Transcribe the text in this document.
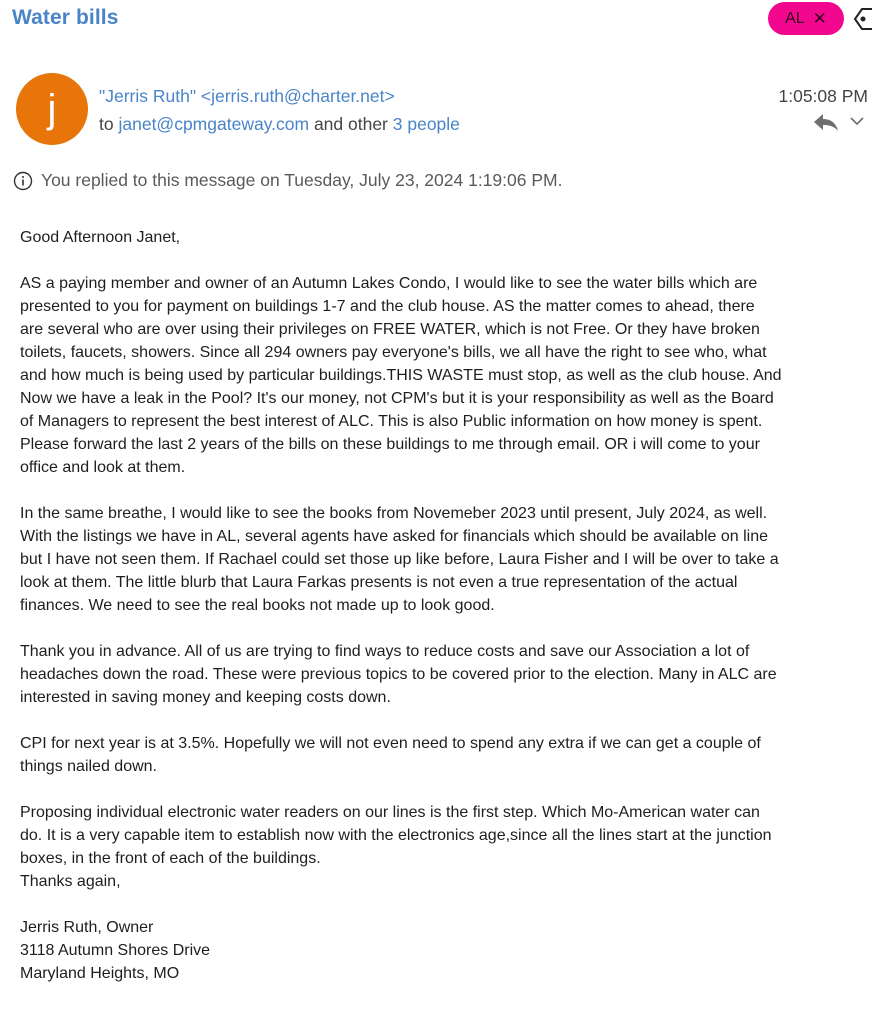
Water bills	AL ✕
j	"Jerris Ruth" <jerris.ruth@charter.net>
to janet@cpmgateway.com and other 3 people
1:05:08 PM
You replied to this message on Tuesday, July 23, 2024 1:19:06 PM.
Good Afternoon Janet,
AS a paying member and owner of an Autumn Lakes Condo, I would like to see the water bills which are
presented to you for payment on buildings 1-7 and the club house. AS the matter comes to ahead, there
are several who are over using their privileges on FREE WATER, which is not Free. Or they have broken
toilets, faucets, showers. Since all 294 owners pay everyone's bills, we all have the right to see who, what
and how much is being used by particular buildings.THIS WASTE must stop, as well as the club house. And
Now we have a leak in the Pool? It's our money, not CPM's but it is your responsibility as well as the Board
of Managers to represent the best interest of ALC. This is also Public information on how money is spent.
Please forward the last 2 years of the bills on these buildings to me through email. OR i will come to your
office and look at them.
In the same breathe, I would like to see the books from Novemeber 2023 until present, July 2024, as well.
With the listings we have in AL, several agents have asked for financials which should be available on line
but I have not seen them. If Rachael could set those up like before, Laura Fisher and I will be over to take a
look at them. The little blurb that Laura Farkas presents is not even a true representation of the actual
finances. We need to see the real books not made up to look good.
Thank you in advance. All of us are trying to find ways to reduce costs and save our Association a lot of
headaches down the road. These were previous topics to be covered prior to the election. Many in ALC are
interested in saving money and keeping costs down.
CPI for next year is at 3.5%. Hopefully we will not even need to spend any extra if we can get a couple of
things nailed down.
Proposing individual electronic water readers on our lines is the first step. Which Mo-American water can
do. It is a very capable item to establish now with the electronics age,since all the lines start at the junction
boxes, in the front of each of the buildings.
Thanks again,
Jerris Ruth, Owner
3118 Autumn Shores Drive
Maryland Heights, MO
